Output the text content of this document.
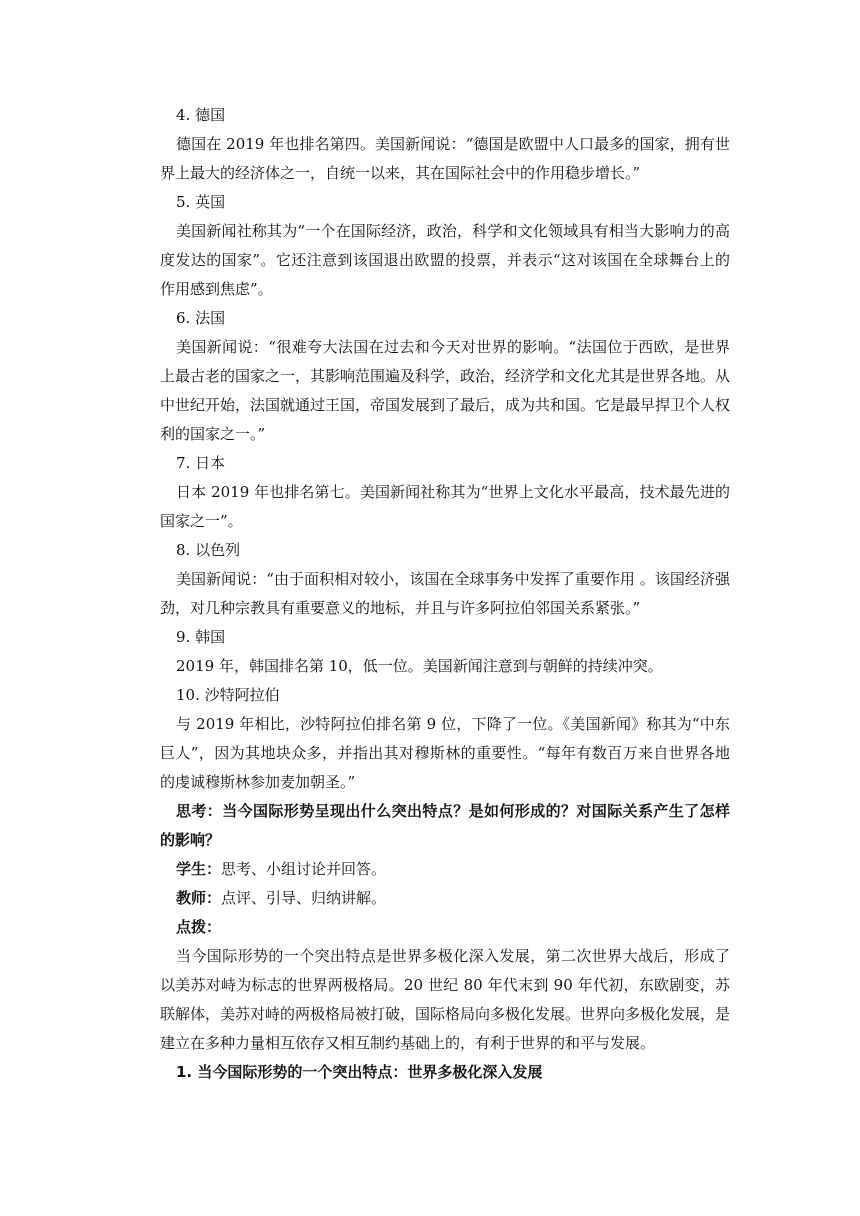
4. 德国

德国在 2019 年也排名第四。美国新闻说：“德国是欧盟中人口最多的国家，拥有世界上最大的经济体之一，自统一以来，其在国际社会中的作用稳步增长。”

5. 英国

美国新闻社称其为“一个在国际经济，政治，科学和文化领域具有相当大影响力的高度发达的国家”。它还注意到该国退出欧盟的投票，并表示“这对该国在全球舞台上的作用感到焦虑”。

6. 法国

美国新闻说：“很难夸大法国在过去和今天对世界的影响。“法国位于西欧，是世界上最古老的国家之一，其影响范围遍及科学，政治，经济学和文化尤其是世界各地。从中世纪开始，法国就通过王国，帝国发展到了最后，成为共和国。它是最早捍卫个人权利的国家之一。”

7. 日本

日本 2019 年也排名第七。美国新闻社称其为“世界上文化水平最高，技术最先进的国家之一”。

8. 以色列

美国新闻说：“由于面积相对较小，该国在全球事务中发挥了重要作用 。该国经济强劲，对几种宗教具有重要意义的地标，并且与许多阿拉伯邻国关系紧张。”

9. 韩国

2019 年，韩国排名第 10，低一位。美国新闻注意到与朝鲜的持续冲突。

10. 沙特阿拉伯

与 2019 年相比，沙特阿拉伯排名第 9 位，下降了一位。《美国新闻》称其为“中东巨人”，因为其地块众多，并指出其对穆斯林的重要性。“每年有数百万来自世界各地的虔诚穆斯林参加麦加朝圣。”

思考：当今国际形势呈现出什么突出特点？是如何形成的？对国际关系产生了怎样的影响？

学生：思考、小组讨论并回答。

教师：点评、引导、归纳讲解。

点拨：

当今国际形势的一个突出特点是世界多极化深入发展，第二次世界大战后，形成了以美苏对峙为标志的世界两极格局。20 世纪 80 年代末到 90 年代初，东欧剧变，苏联解体，美苏对峙的两极格局被打破，国际格局向多极化发展。世界向多极化发展，是建立在多种力量相互依存又相互制约基础上的，有利于世界的和平与发展。

1. 当今国际形势的一个突出特点：世界多极化深入发展
